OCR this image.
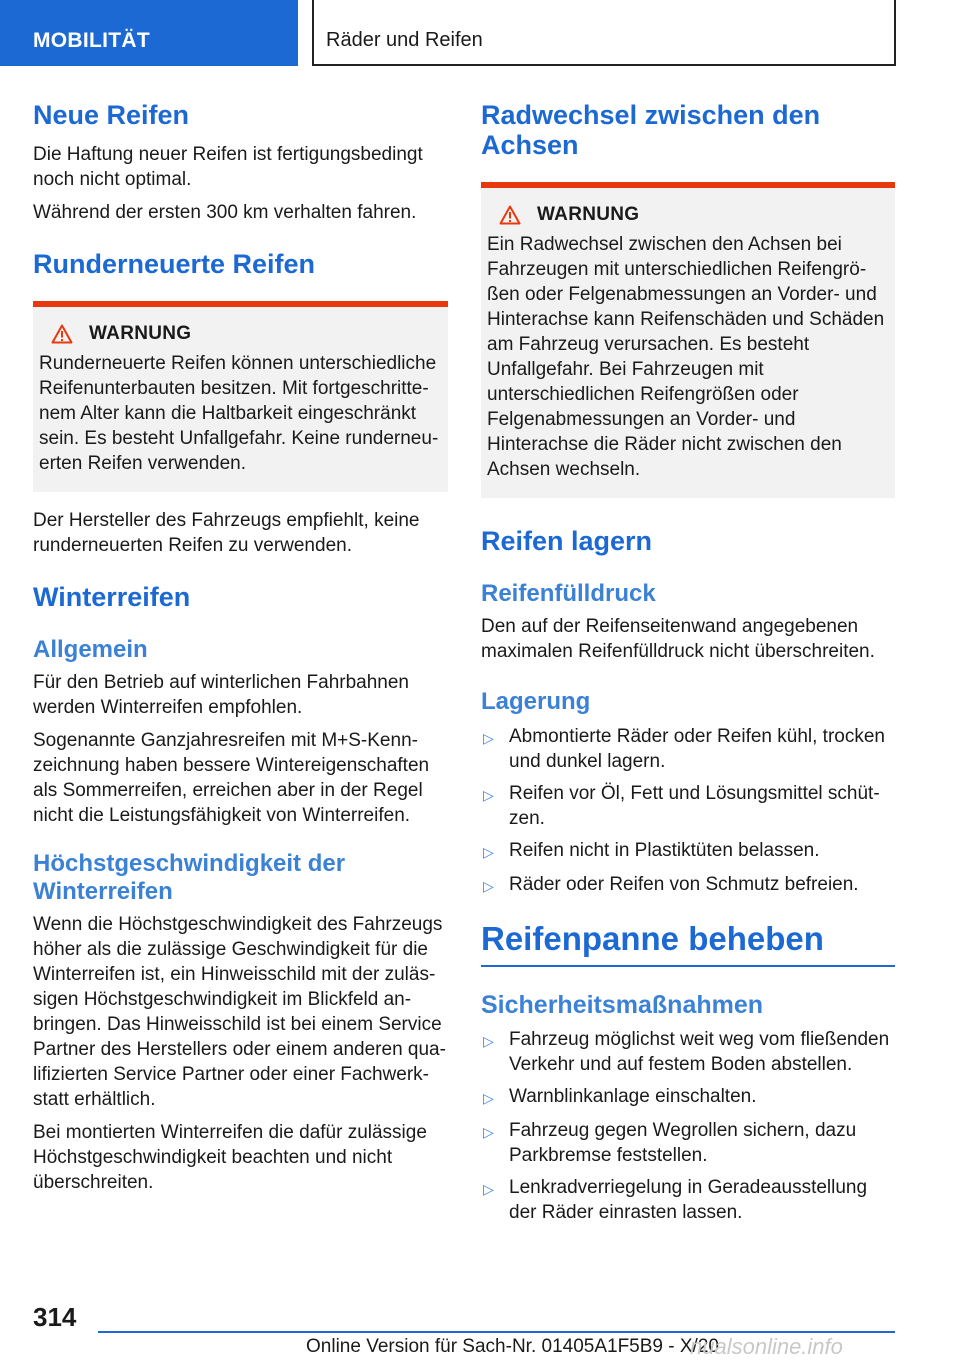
MOBILITÄT	Räder und Reifen
Neue Reifen

Die Haftung neuer Reifen ist fertigungsbedingt noch nicht optimal.

Während der ersten 300 km verhalten fahren.

Runderneuerte Reifen
WARNUNG

Runderneuerte Reifen können unterschiedliche Reifenunterbauten besitzen. Mit fortgeschrittenem Alter kann die Haltbarkeit eingeschränkt sein. Es besteht Unfallgefahr. Keine runderneuerten Reifen verwenden.

Der Hersteller des Fahrzeugs empfiehlt, keine runderneuerten Reifen zu verwenden.

Winterreifen
Allgemein

Für den Betrieb auf winterlichen Fahrbahnen werden Winterreifen empfohlen.

Sogenannte Ganzjahresreifen mit M+S-Kennzeichnung haben bessere Wintereigenschaften als Sommerreifen, erreichen aber in der Regel nicht die Leistungsfähigkeit von Winterreifen.

Höchstgeschwindigkeit der Winterreifen

Wenn die Höchstgeschwindigkeit des Fahrzeugs höher als die zulässige Geschwindigkeit für die Winterreifen ist, ein Hinweisschild mit der zulässigen Höchstgeschwindigkeit im Blickfeld anbringen. Das Hinweisschild ist bei einem Service Partner des Herstellers oder einem anderen qualifizierten Service Partner oder einer Fachwerkstatt erhältlich.

Bei montierten Winterreifen die dafür zulässige Höchstgeschwindigkeit beachten und nicht überschreiten.

Radwechsel zwischen den Achsen
WARNUNG

Ein Radwechsel zwischen den Achsen bei Fahrzeugen mit unterschiedlichen Reifengrößen oder Felgenabmessungen an Vorder- und Hinterachse kann Reifenschäden und Schäden am Fahrzeug verursachen. Es besteht Unfallgefahr. Bei Fahrzeugen mit unterschiedlichen Reifengrößen oder Felgenabmessungen an Vorder- und Hinterachse die Räder nicht zwischen den Achsen wechseln.

Reifen lagern
Reifenfülldruck

Den auf der Reifenseitenwand angegebenen maximalen Reifenfülldruck nicht überschreiten.

Lagerung
▷ Abmontierte Räder oder Reifen kühl, trocken und dunkel lagern.
▷ Reifen vor Öl, Fett und Lösungsmittel schützen.
▷ Reifen nicht in Plastiktüten belassen.
▷ Räder oder Reifen von Schmutz befreien.
Reifenpanne beheben
Sicherheitsmaßnahmen
▷ Fahrzeug möglichst weit weg vom fließenden Verkehr und auf festem Boden abstellen.
▷ Warnblinkanlage einschalten.
▷ Fahrzeug gegen Wegrollen sichern, dazu Parkbremse feststellen.
▷ Lenkradverriegelung in Geradeausstellung der Räder einrasten lassen.
314
Online Version für Sach-Nr. 01405A1F5B9 - X/20
nualsonline.info
